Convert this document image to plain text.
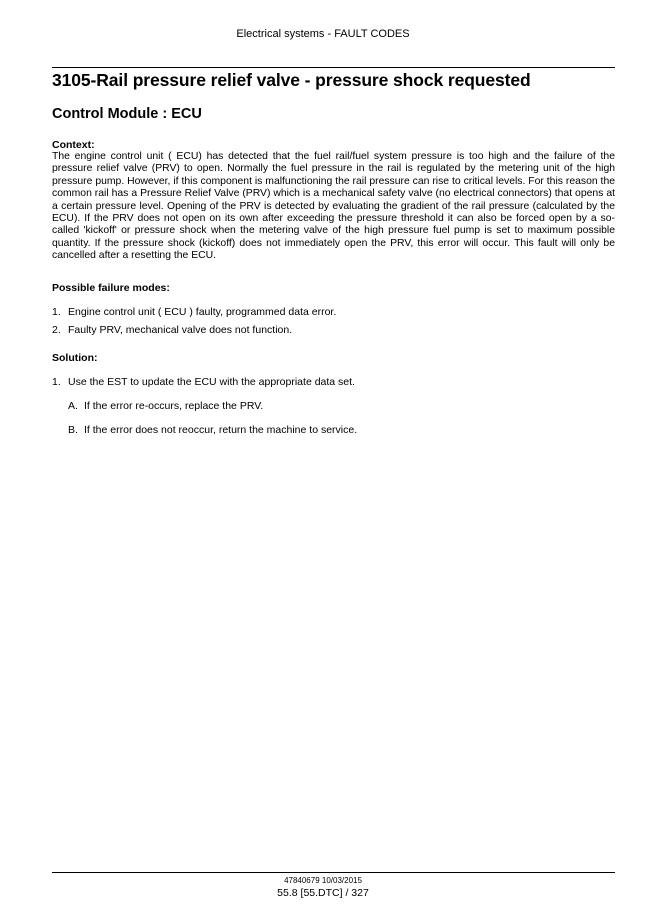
Electrical systems - FAULT CODES
3105-Rail pressure relief valve - pressure shock requested
Control Module : ECU
Context:

The engine control unit ( ECU) has detected that the fuel rail/fuel system pressure is too high and the failure of the pressure relief valve (PRV) to open. Normally the fuel pressure in the rail is regulated by the metering unit of the high pressure pump. However, if this component is malfunctioning the rail pressure can rise to critical levels. For this reason the common rail has a Pressure Relief Valve (PRV) which is a mechanical safety valve (no electrical connectors) that opens at a certain pressure level. Opening of the PRV is detected by evaluating the gradient of the rail pressure (calculated by the ECU). If the PRV does not open on its own after exceeding the pressure threshold it can also be forced open by a so-called 'kickoff' or pressure shock when the metering valve of the high pressure fuel pump is set to maximum possible quantity. If the pressure shock (kickoff) does not immediately open the PRV, this error will occur. This fault will only be cancelled after a resetting the ECU.

Possible failure modes:
1. Engine control unit ( ECU ) faulty, programmed data error.
2. Faulty PRV, mechanical valve does not function.
Solution:
1. Use the EST to update the ECU with the appropriate data set.
A. If the error re-occurs, replace the PRV.
B. If the error does not reoccur, return the machine to service.
47840679 10/03/2015
55.8 [55.DTC] / 327
